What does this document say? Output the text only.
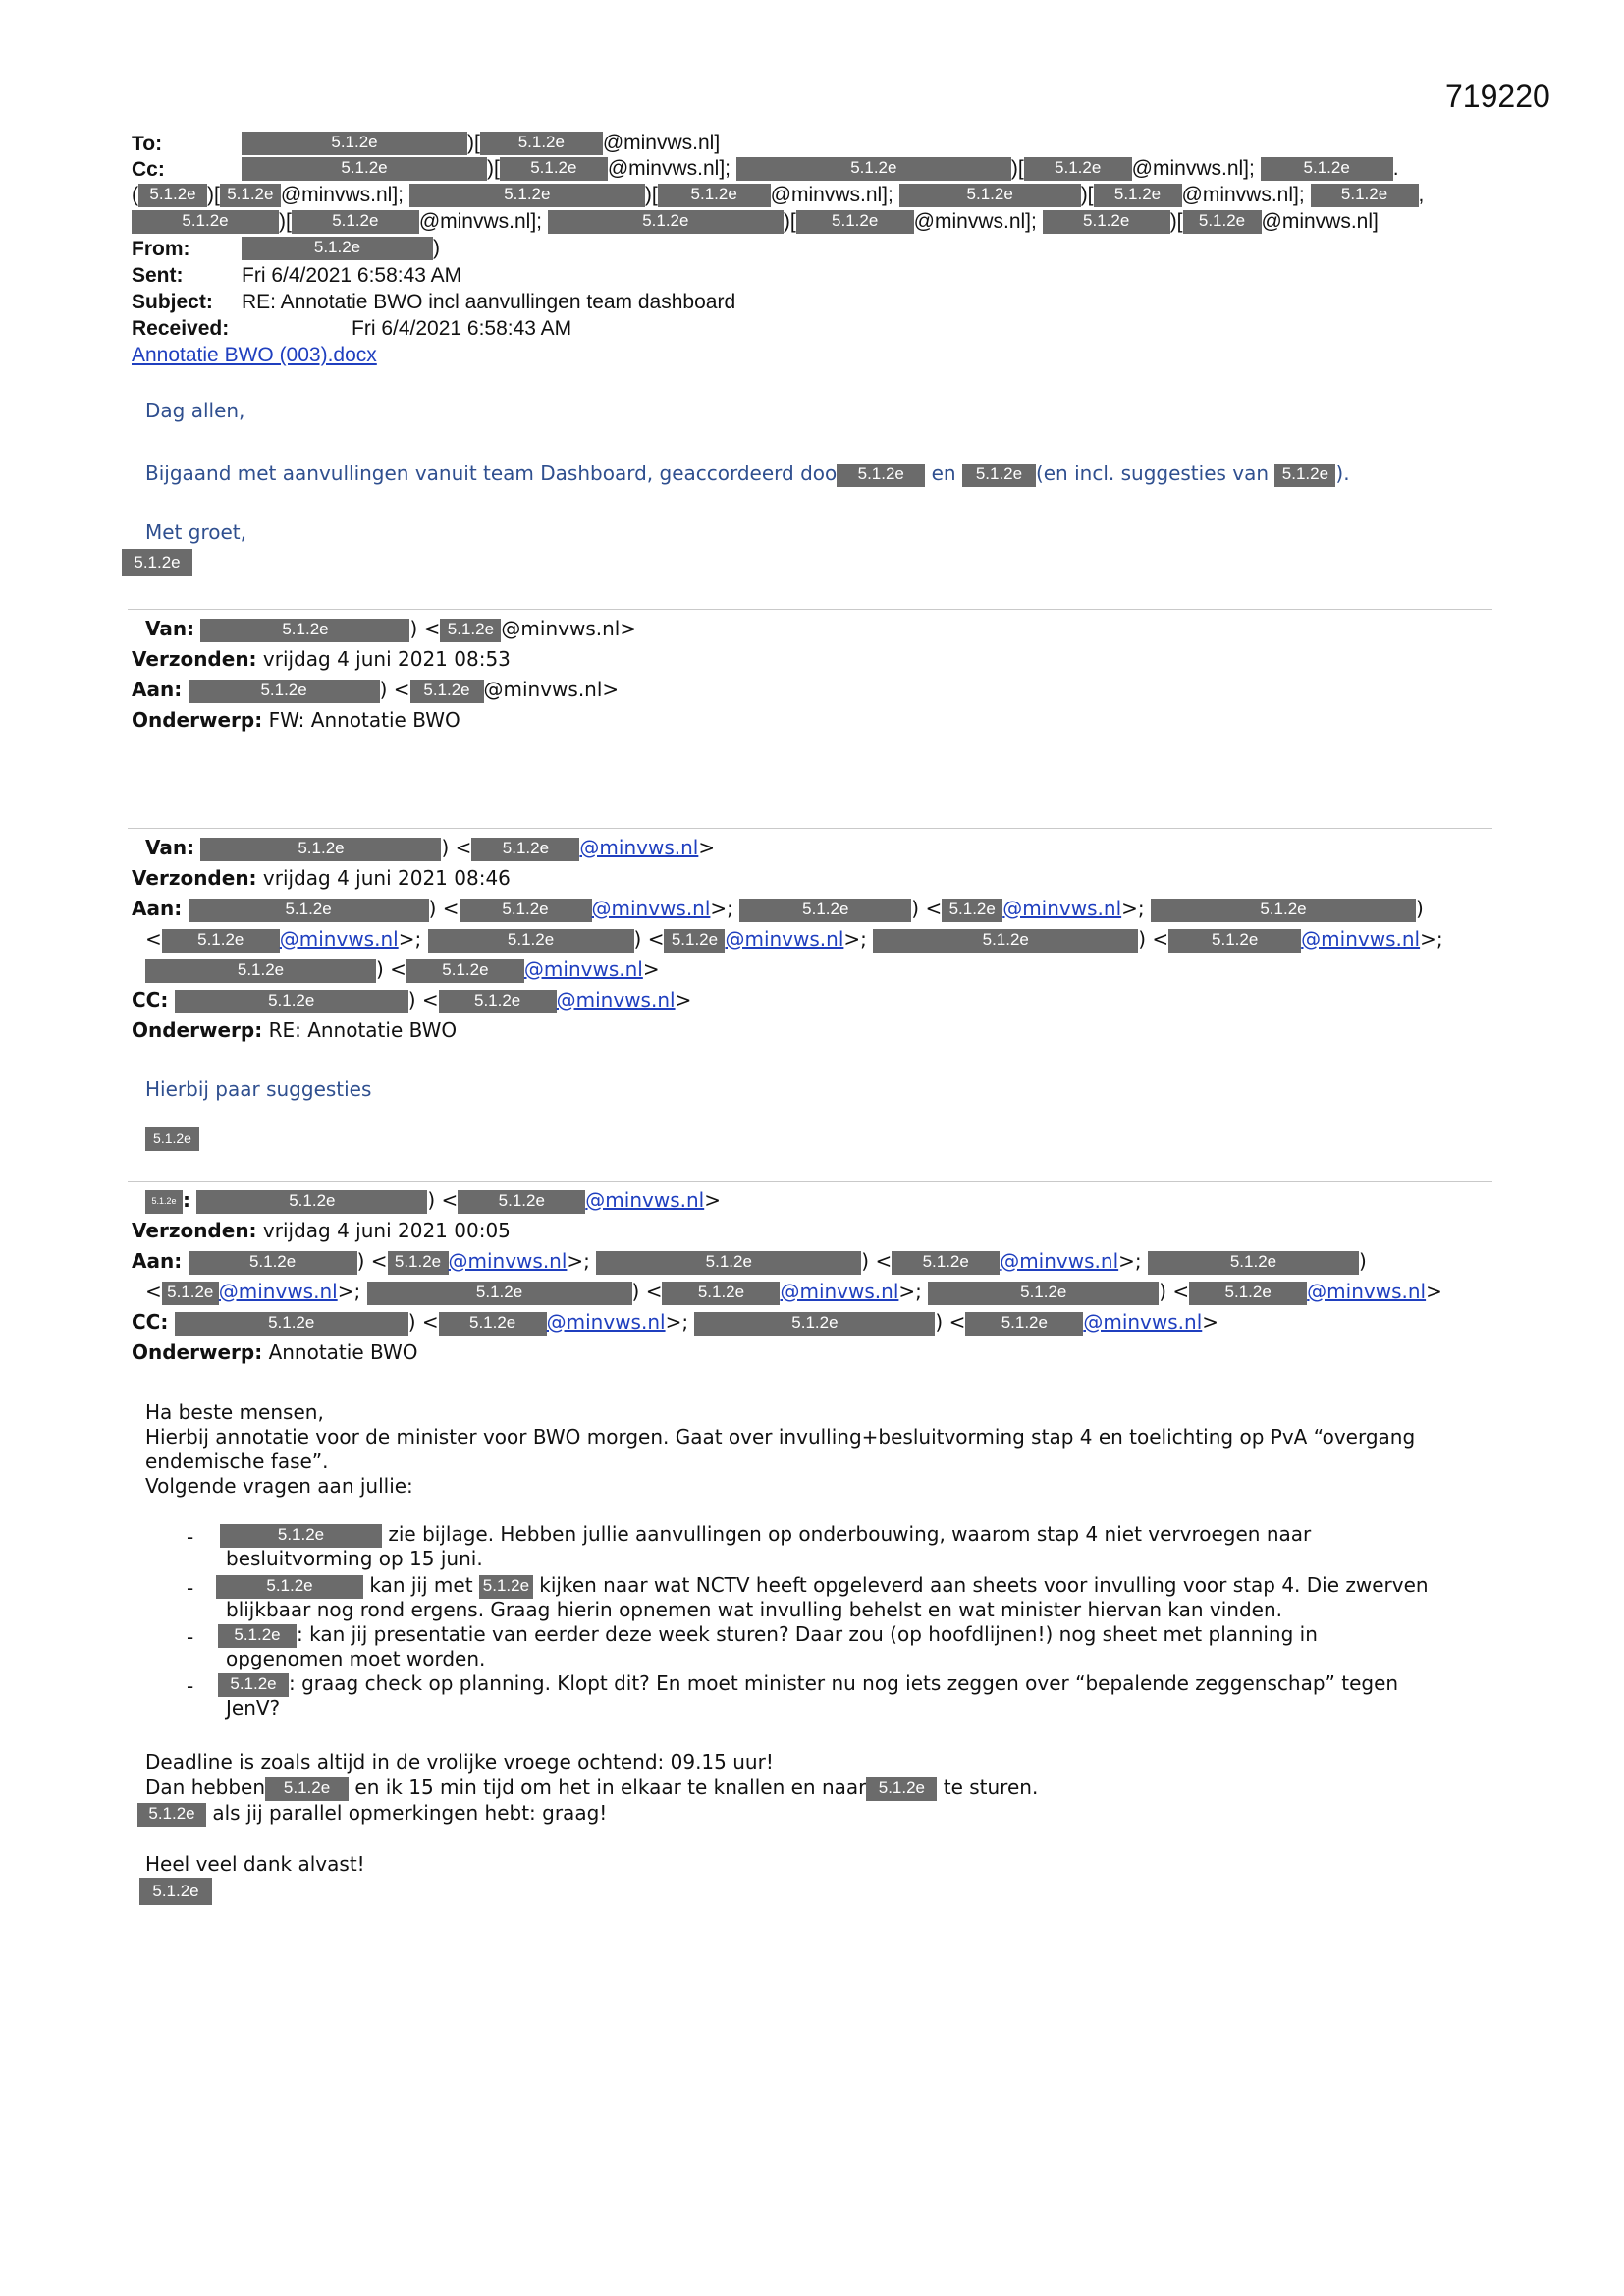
719220
To:	5.1.2e	)[ 5.1.2e @minvws.nl]
Cc:	5.1.2e	)[ 5.1.2e @minvws.nl];	5.1.2e	)[ 5.1.2e @minvws.nl];	5.1.2e .
( 5.1.2e )[ 5.1.2e @minvws.nl];	5.1.2e	)[ 5.1.2e @minvws.nl];	5.1.2e	)[ 5.1.2e @minvws.nl]; 5.1.2e ,
5.1.2e )[ 5.1.2e @minvws.nl];	5.1.2e	)[ 5.1.2e @minvws.nl];	5.1.2e )[ 5.1.2e @minvws.nl]
From:	5.1.2e	)
Sent:	Fri 6/4/2021 6:58:43 AM
Subject: RE: Annotatie BWO incl aanvullingen team dashboard
Received:	Fri 6/4/2021 6:58:43 AM
Annotatie BWO (003).docx
Dag allen,
Bijgaand met aanvullingen vanuit team Dashboard, geaccordeerd doo 5.1.2e en 5.1.2e (en incl. suggesties van 5.1.2e ).
Met groet,
5.1.2e
Van:	5.1.2e	) < 5.1.2e @minvws.nl>
Verzonden: vrijdag 4 juni 2021 08:53
Aan:	5.1.2e	) < 5.1.2e @minvws.nl>
Onderwerp: FW: Annotatie BWO
Van:	5.1.2e	) < 5.1.2e @minvws.nl>
Verzonden: vrijdag 4 juni 2021 08:46
Aan:	5.1.2e	) <	5.1.2e @minvws.nl>;	5.1.2e	) < 5.1.2e @minvws.nl>;	5.1.2e	)
< 5.1.2e @minvws.nl>;	5.1.2e	) < 5.1.2e @minvws.nl>;	5.1.2e	) <	5.1.2e @minvws.nl>;
5.1.2e	) < 5.1.2e @minvws.nl>
CC:	5.1.2e	) < 5.1.2e @minvws.nl>
Onderwerp: RE: Annotatie BWO
Hierbij paar suggesties
5.1.2e
5.1.2e :	5.1.2e	) < 5.1.2e @minvws.nl>
Verzonden: vrijdag 4 juni 2021 00:05
Aan:	5.1.2e	) < 5.1.2e @minvws.nl>;	5.1.2e	) < 5.1.2e @minvws.nl>;	5.1.2e	)
< 5.1.2e @minvws.nl>;	5.1.2e	) < 5.1.2e @minvws.nl>;	5.1.2e	) < 5.1.2e @minvws.nl>
CC:	5.1.2e	) < 5.1.2e @minvws.nl>;	5.1.2e	) < 5.1.2e @minvws.nl>
Onderwerp: Annotatie BWO
Ha beste mensen,
Hierbij annotatie voor de minister voor BWO morgen. Gaat over invulling+besluitvorming stap 4 en toelichting op PvA “overgang
endemische fase”.
Volgende vragen aan jullie:
-	5.1.2e	zie bijlage. Hebben jullie aanvullingen op onderbouwing, waarom stap 4 niet vervroegen naar
besluitvorming op 15 juni.
-	5.1.2e	kan jij met 5.1.2e kijken naar wat NCTV heeft opgeleverd aan sheets voor invulling voor stap 4. Die zwerven
blijkbaar nog rond ergens. Graag hierin opnemen wat invulling behelst en wat minister hiervan kan vinden.
-	5.1.2e : kan jij presentatie van eerder deze week sturen? Daar zou (op hoofdlijnen!) nog sheet met planning in
opgenomen moet worden.
-	5.1.2e : graag check op planning. Klopt dit? En moet minister nu nog iets zeggen over “bepalende zeggenschap” tegen
JenV?
Deadline is zoals altijd in de vrolijke vroege ochtend: 09.15 uur!
Dan hebben 5.1.2e en ik 15 min tijd om het in elkaar te knallen en naar 5.1.2e te sturen.
5.1.2e als jij parallel opmerkingen hebt: graag!
Heel veel dank alvast!
5.1.2e
